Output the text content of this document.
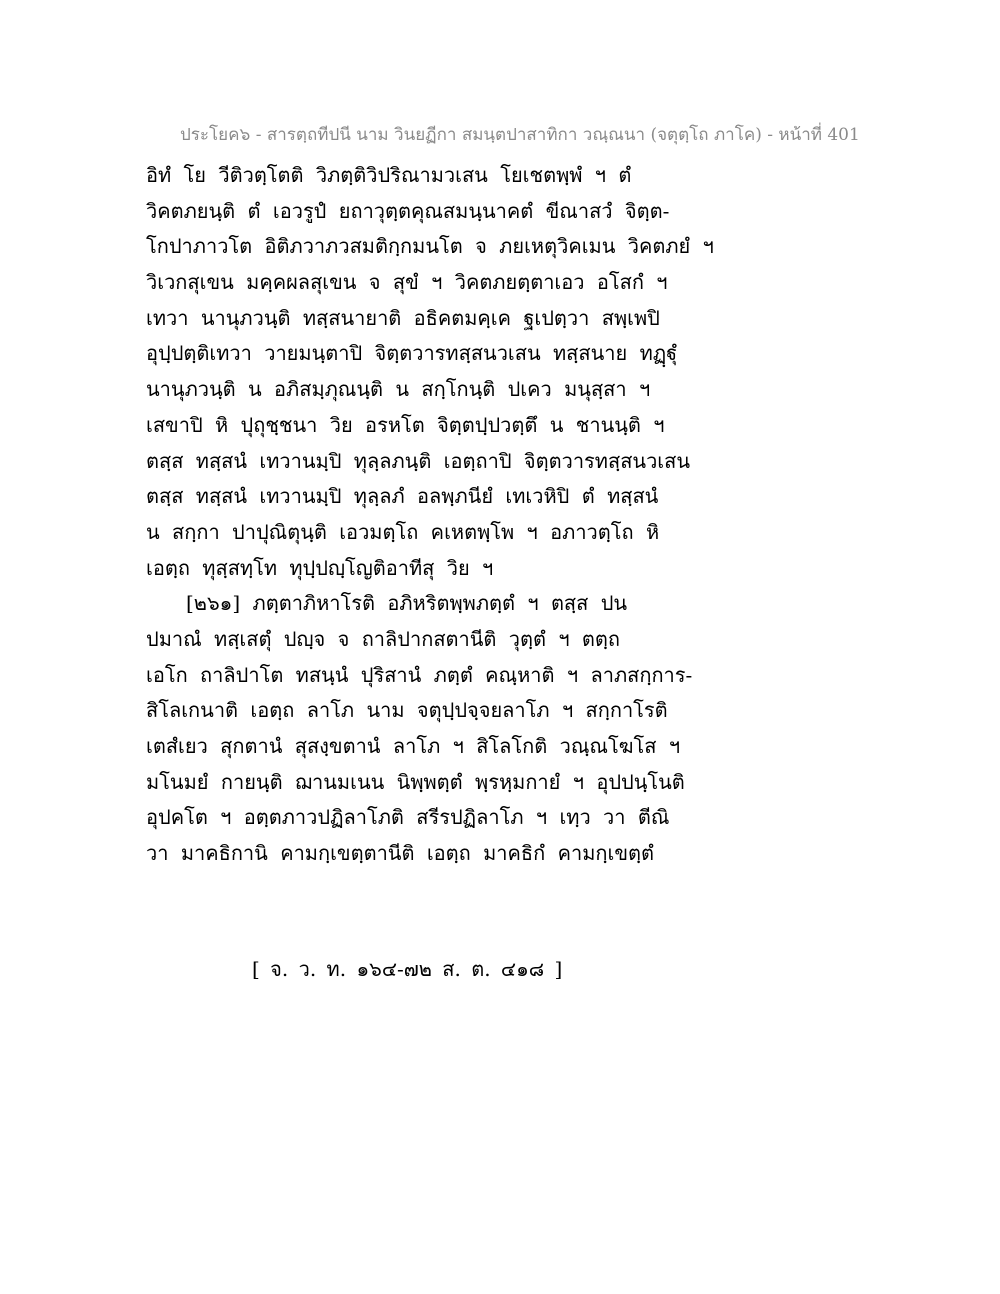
ประโยค๖ - สารตฺถทีปนี นาม วินยฏีกา สมนฺตปาสาทิกา วณฺณนา (จตุตฺโถ ภาโค) - หน้าที่ 401
อิทํ โย วีติวตฺโตติ วิภตฺติวิปริณามวเสน โยเชตพฺพํ ฯ ตํ
วิคตภยนฺติ ตํ เอวรูปํ ยถาวุตฺตคุณสมนฺนาคตํ ขีณาสวํ จิตฺต-
โกปาภาวโต อิติภวาภวสมติกฺกมนโต จ ภยเหตุวิคเมน วิคตภยํ ฯ
วิเวกสุเขน มคฺคผลสุเขน จ สุขํ ฯ วิคตภยตฺตาเอว อโสกํ ฯ
เทวา นานุภวนฺติ ทสฺสนายาติ อธิคตมคฺเค ฐเปตฺวา สพฺเพปิ
อุปฺปตฺติเทวา วายมนฺตาปิ จิตฺตวารทสฺสนวเสน ทสฺสนาย ทฏฺฐุํ
นานุภวนฺติ น อภิสมฺภุณนฺติ น สกฺโกนฺติ ปเคว มนุสฺสา ฯ
เสขาปิ หิ ปุถุชฺชนา วิย อรหโต จิตฺตปฺปวตฺตึ น ชานนฺติ ฯ
ตสฺส ทสฺสนํ เทวานมฺปิ ทุลฺลภนฺติ เอตฺถาปิ จิตฺตวารทสฺสนวเสน
ตสฺส ทสฺสนํ เทวานมฺปิ ทุลฺลภํ อลพฺภนียํ เทเวหิปิ ตํ ทสฺสนํ
น สกฺกา ปาปุณิตุนฺติ เอวมตฺโถ คเหตพฺโพ ฯ อภาวตฺโถ หิ
เอตฺถ ทุสฺสทฺโท ทุปฺปญฺโญติอาทีสุ วิย ฯ
[๒๖๑] ภตฺตาภิหาโรติ อภิหริตพฺพภตฺตํ ฯ ตสฺส ปน
ปมาณํ ทสฺเสตุํ ปญฺจ จ ถาลิปากสตานีติ วุตฺตํ ฯ ตตฺถ
เอโก ถาลิปาโต ทสนฺนํ ปุริสานํ ภตฺตํ คณฺหาติ ฯ ลาภสกฺการ-
สิโลเกนาติ เอตฺถ ลาโภ นาม จตุปฺปจฺจยลาโภ ฯ สกฺกาโรติ
เตสํเยว สุกตานํ สุสงฺขตานํ ลาโภ ฯ สิโลโกติ วณฺณโฆโส ฯ
มโนมยํ กายนฺติ ฌานมเนน นิพฺพตฺตํ พฺรหฺมกายํ ฯ อุปปนฺโนติ
อุปคโต ฯ อตฺตภาวปฏิลาโภติ สรีรปฏิลาโภ ฯ เทฺว วา ตีณิ
วา มาคธิกานิ คามกฺเขตฺตานีติ เอตฺถ มาคธิกํ คามกฺเขตฺตํ
[ จ. ว. ท. ๑๖๔-๗๒ ส. ต. ๔๑๘ ]
